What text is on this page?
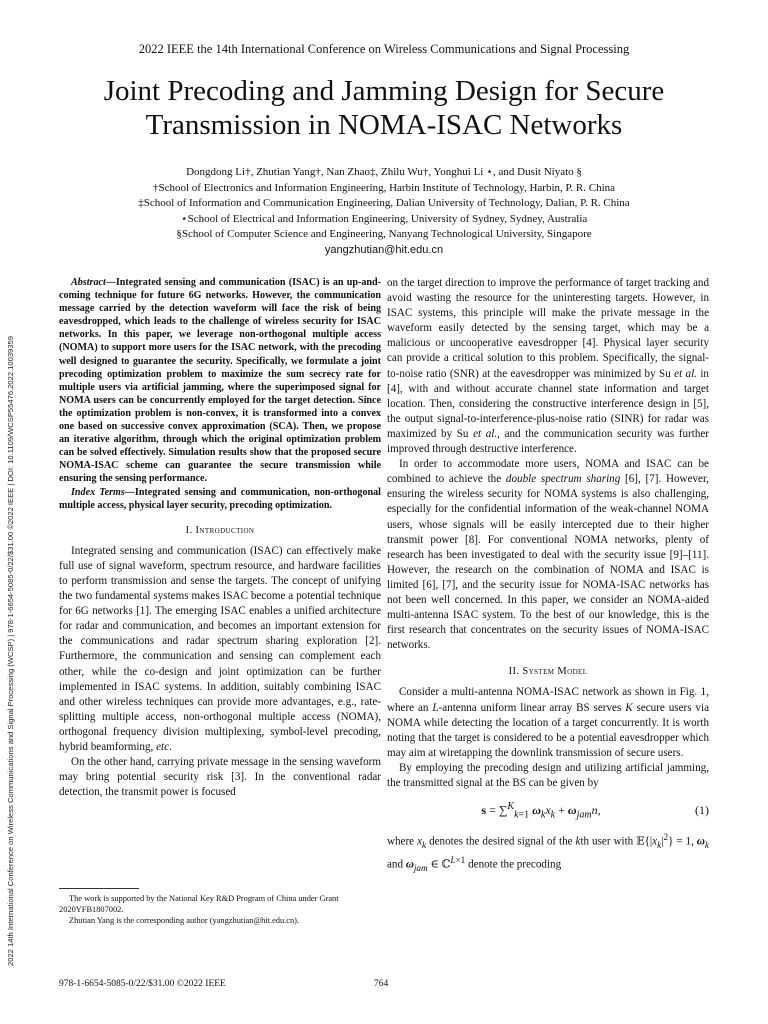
2022 IEEE the 14th International Conference on Wireless Communications and Signal Processing
Joint Precoding and Jamming Design for Secure
Transmission in NOMA-ISAC Networks
Dongdong Li†, Zhutian Yang†, Nan Zhao‡, Zhilu Wu†, Yonghui Li ⋆, and Dusit Niyato §
†School of Electronics and Information Engineering, Harbin Institute of Technology, Harbin, P. R. China
‡School of Information and Communication Engineering, Dalian University of Technology, Dalian, P. R. China
⋆School of Electrical and Information Engineering, University of Sydney, Sydney, Australia
§School of Computer Science and Engineering, Nanyang Technological University, Singapore
yangzhutian@hit.edu.cn
2022 14th International Conference on Wireless Communications and Signal Processing (WCSP) | 978-1-6654-5085-0/22/$31.00 ©2022 IEEE | DOI: 10.1109/WCSP55476.2022.10039359

Abstract—Integrated sensing and communication (ISAC) is an up-and-coming technique for future 6G networks. However, the communication message carried by the detection waveform will face the risk of being eavesdropped, which leads to the challenge of wireless security for ISAC networks. In this paper, we leverage non-orthogonal multiple access (NOMA) to support more users for the ISAC network, with the precoding well designed to guarantee the security. Specifically, we formulate a joint precoding optimization problem to maximize the sum secrecy rate for multiple users via artificial jamming, where the superimposed signal for NOMA users can be concurrently employed for the target detection. Since the optimization problem is non-convex, it is transformed into a convex one based on successive convex approximation (SCA). Then, we propose an iterative algorithm, through which the original optimization problem can be solved effectively. Simulation results show that the proposed secure NOMA-ISAC scheme can guarantee the secure transmission while ensuring the sensing performance.

Index Terms—Integrated sensing and communication, non-orthogonal multiple access, physical layer security, precoding optimization.

I. Introduction

Integrated sensing and communication (ISAC) can effectively make full use of signal waveform, spectrum resource, and hardware facilities to perform transmission and sense the targets. The concept of unifying the two fundamental systems makes ISAC become a potential technique for 6G networks [1]. The emerging ISAC enables a unified architecture for radar and communication, and becomes an important extension for the communications and radar spectrum sharing exploration [2]. Furthermore, the communication and sensing can complement each other, while the co-design and joint optimization can be further implemented in ISAC systems. In addition, suitably combining ISAC and other wireless techniques can provide more advantages, e.g., rate-splitting multiple access, non-orthogonal multiple access (NOMA), orthogonal frequency division multiplexing, symbol-level precoding, hybrid beamforming, etc.

On the other hand, carrying private message in the sensing waveform may bring potential security risk [3]. In the conventional radar detection, the transmit power is focused

The work is supported by the National Key R&D Program of China under Grant 2020YFB1807002.

Zhutian Yang is the corresponding author (yangzhutian@hit.edu.cn).

on the target direction to improve the performance of target tracking and avoid wasting the resource for the uninteresting targets. However, in ISAC systems, this principle will make the private message in the waveform easily detected by the sensing target, which may be a malicious or uncooperative eavesdropper [4]. Physical layer security can provide a critical solution to this problem. Specifically, the signal-to-noise ratio (SNR) at the eavesdropper was minimized by Su et al. in [4], with and without accurate channel state information and target location. Then, considering the constructive interference design in [5], the output signal-to-interference-plus-noise ratio (SINR) for radar was maximized by Su et al., and the communication security was further improved through destructive interference.

In order to accommodate more users, NOMA and ISAC can be combined to achieve the double spectrum sharing [6], [7]. However, ensuring the wireless security for NOMA systems is also challenging, especially for the confidential information of the weak-channel NOMA users, whose signals will be easily intercepted due to their higher transmit power [8]. For conventional NOMA networks, plenty of research has been investigated to deal with the security issue [9]–[11]. However, the research on the combination of NOMA and ISAC is limited [6], [7], and the security issue for NOMA-ISAC networks has not been well concerned. In this paper, we consider an NOMA-aided multi-antenna ISAC system. To the best of our knowledge, this is the first research that concentrates on the security issues of NOMA-ISAC networks.

II. System Model

Consider a multi-antenna NOMA-ISAC network as shown in Fig. 1, where an L-antenna uniform linear array BS serves K secure users via NOMA while detecting the location of a target concurrently. It is worth noting that the target is considered to be a potential eavesdropper which may aim at wiretapping the downlink transmission of secure users.

By employing the precoding design and utilizing artificial jamming, the transmitted signal at the BS can be given by

s = ∑$^K_{k=1}$ $\omega_kx_k + \omega_{jam}n$,	(1)

where $x_k$ denotes the desired signal of the kth user with $𝔼\{|x_k|^2\} = 1$, $\omega_k$ and $\omega_{jam}$ ∈ ℂ$^{L\times 1}$ denote the precoding

978-1-6654-5085-0/22/$31.00 ©2022 IEEE	764
